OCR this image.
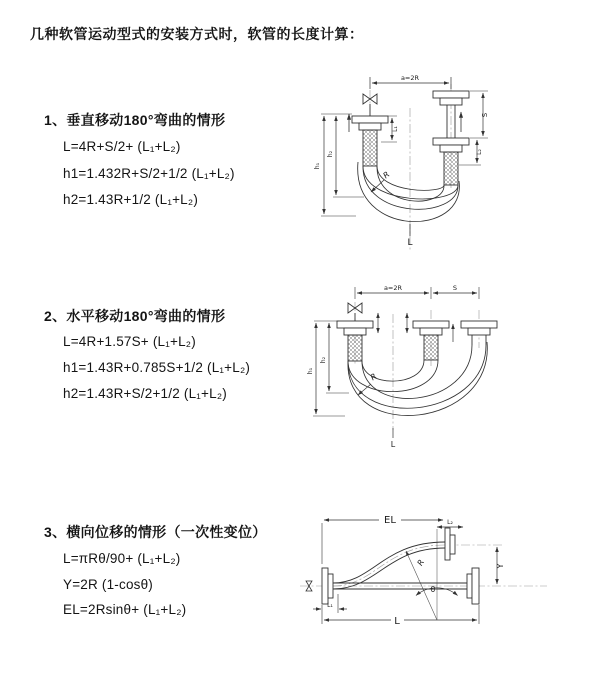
几种软管运动型式的安装方式时，软管的长度计算：
1、垂直移动180°弯曲的情形
L=4R+S/2+ (L₁+L₂)
h1=1.432R+S/2+1/2 (L₁+L₂)
h2=1.43R+1/2 (L₁+L₂)
a=2R
L₁
S
L₂
h₁
h₂
R
L
2、水平移动180°弯曲的情形
L=4R+1.57S+ (L₁+L₂)
h1=1.43R+0.785S+1/2 (L₁+L₂)
h2=1.43R+S/2+1/2 (L₁+L₂)
a=2R	S
h₁
h₂
R
L
3、横向位移的情形（一次性变位）
L=πRθ/90+ (L₁+L₂)
Y=2R (1-cosθ)
EL=2Rsinθ+ (L₁+L₂)
EL	L₂
R
θ
Y
L
L₁
